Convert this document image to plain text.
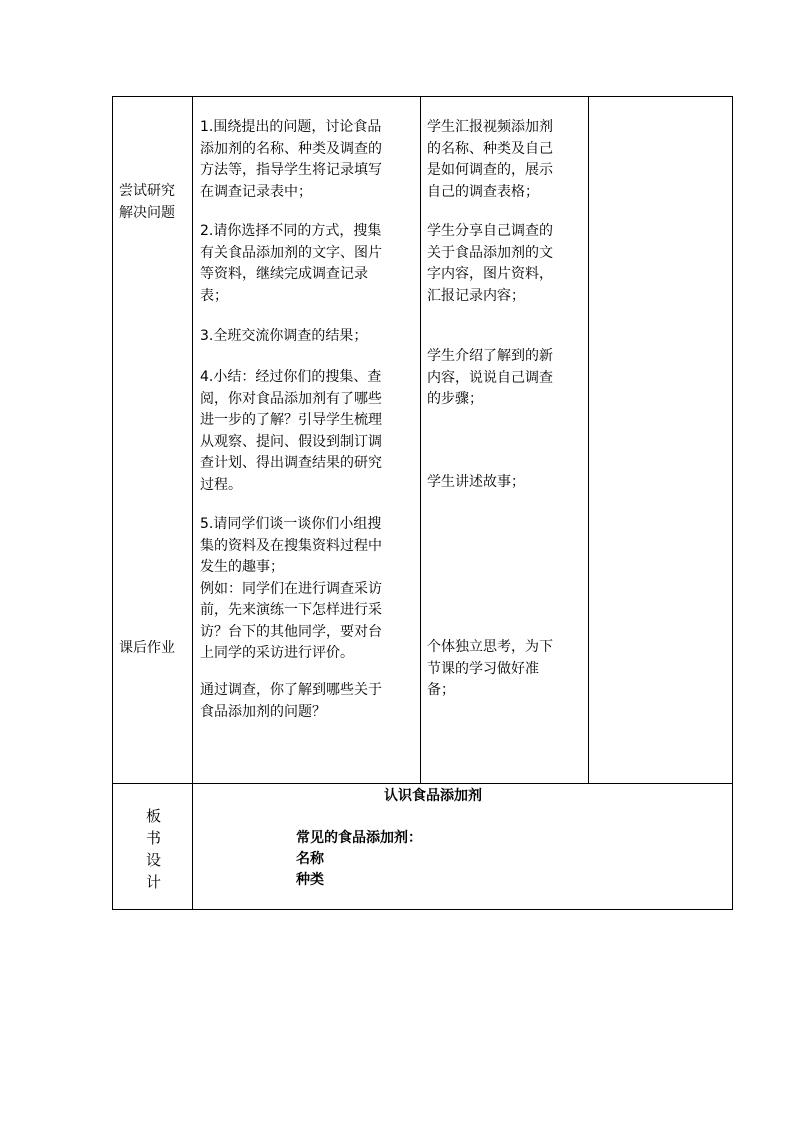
尝试研究
解决问题
课后作业
1.围绕提出的问题，讨论食品
添加剂的名称、种类及调查的
方法等，指导学生将记录填写
在调查记录表中；
2.请你选择不同的方式，搜集
有关食品添加剂的文字、图片
等资料，继续完成调查记录
表；
3.全班交流你调查的结果；
4.小结：经过你们的搜集、查
阅，你对食品添加剂有了哪些
进一步的了解？引导学生梳理
从观察、提问、假设到制订调
查计划、得出调查结果的研究
过程。
5.请同学们谈一谈你们小组搜
集的资料及在搜集资料过程中
发生的趣事；
例如：同学们在进行调查采访
前，先来演练一下怎样进行采
访？台下的其他同学，要对台
上同学的采访进行评价。
通过调查，你了解到哪些关于
食品添加剂的问题？
学生汇报视频添加剂
的名称、种类及自己
是如何调查的，展示
自己的调查表格；
学生分享自己调查的
关于食品添加剂的文
字内容，图片资料，
汇报记录内容；
学生介绍了解到的新
内容，说说自己调查
的步骤；
学生讲述故事；
个体独立思考，为下
节课的学习做好准
备；
板
书
设
计
认识食品添加剂
常见的食品添加剂：
名称
种类
